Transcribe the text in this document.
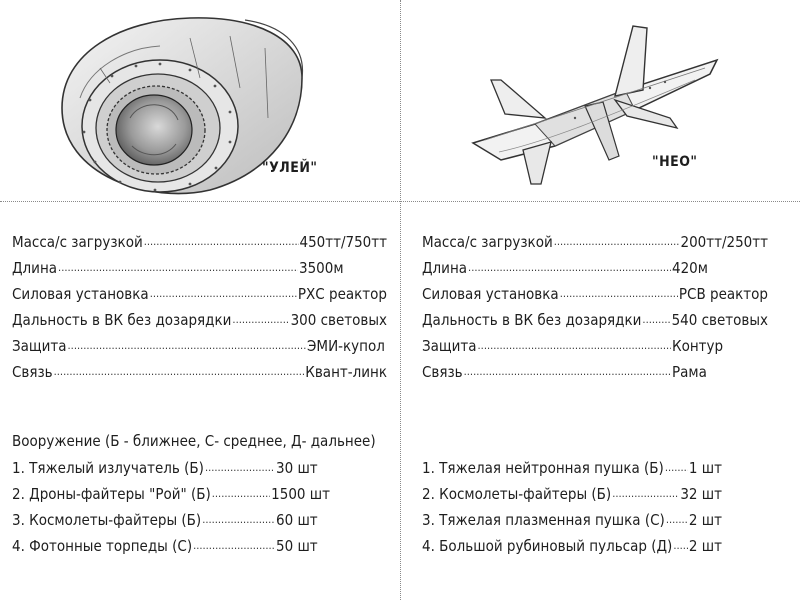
"УЛЕЙ"	"НЕО"
Масса/с загрузкой .....	450тт/750тт
Длина .....	3500м
Силовая установка .....	РХС реактор
Дальность в ВК без дозарядки .....	300 световых
Защита .....	ЭМИ-купол
Связь .....	Квант-линк
Масса/с загрузкой .....	200тт/250тт
Длина .....	420м
Силовая установка .....	РСВ реактор
Дальность в ВК без дозарядки ..... 540 световых
Защита .....	Контур
Связь .....	Рама
Вооружение (Б - ближнее, С- среднее, Д- дальнее)
1. Тяжелый излучатель (Б) .....	30 шт
2. Дроны-файтеры "Рой" (Б) .....	1500 шт
3. Космолеты-файтеры (Б) .....	60 шт
4. Фотонные торпеды (С) .....	50 шт
1. Тяжелая нейтронная пушка (Б) ..... 1 шт
2. Космолеты-файтеры (Б) .....	32 шт
3. Тяжелая плазменная пушка (С) ..... 2 шт
4. Большой рубиновый пульсар (Д) ..... 2 шт
